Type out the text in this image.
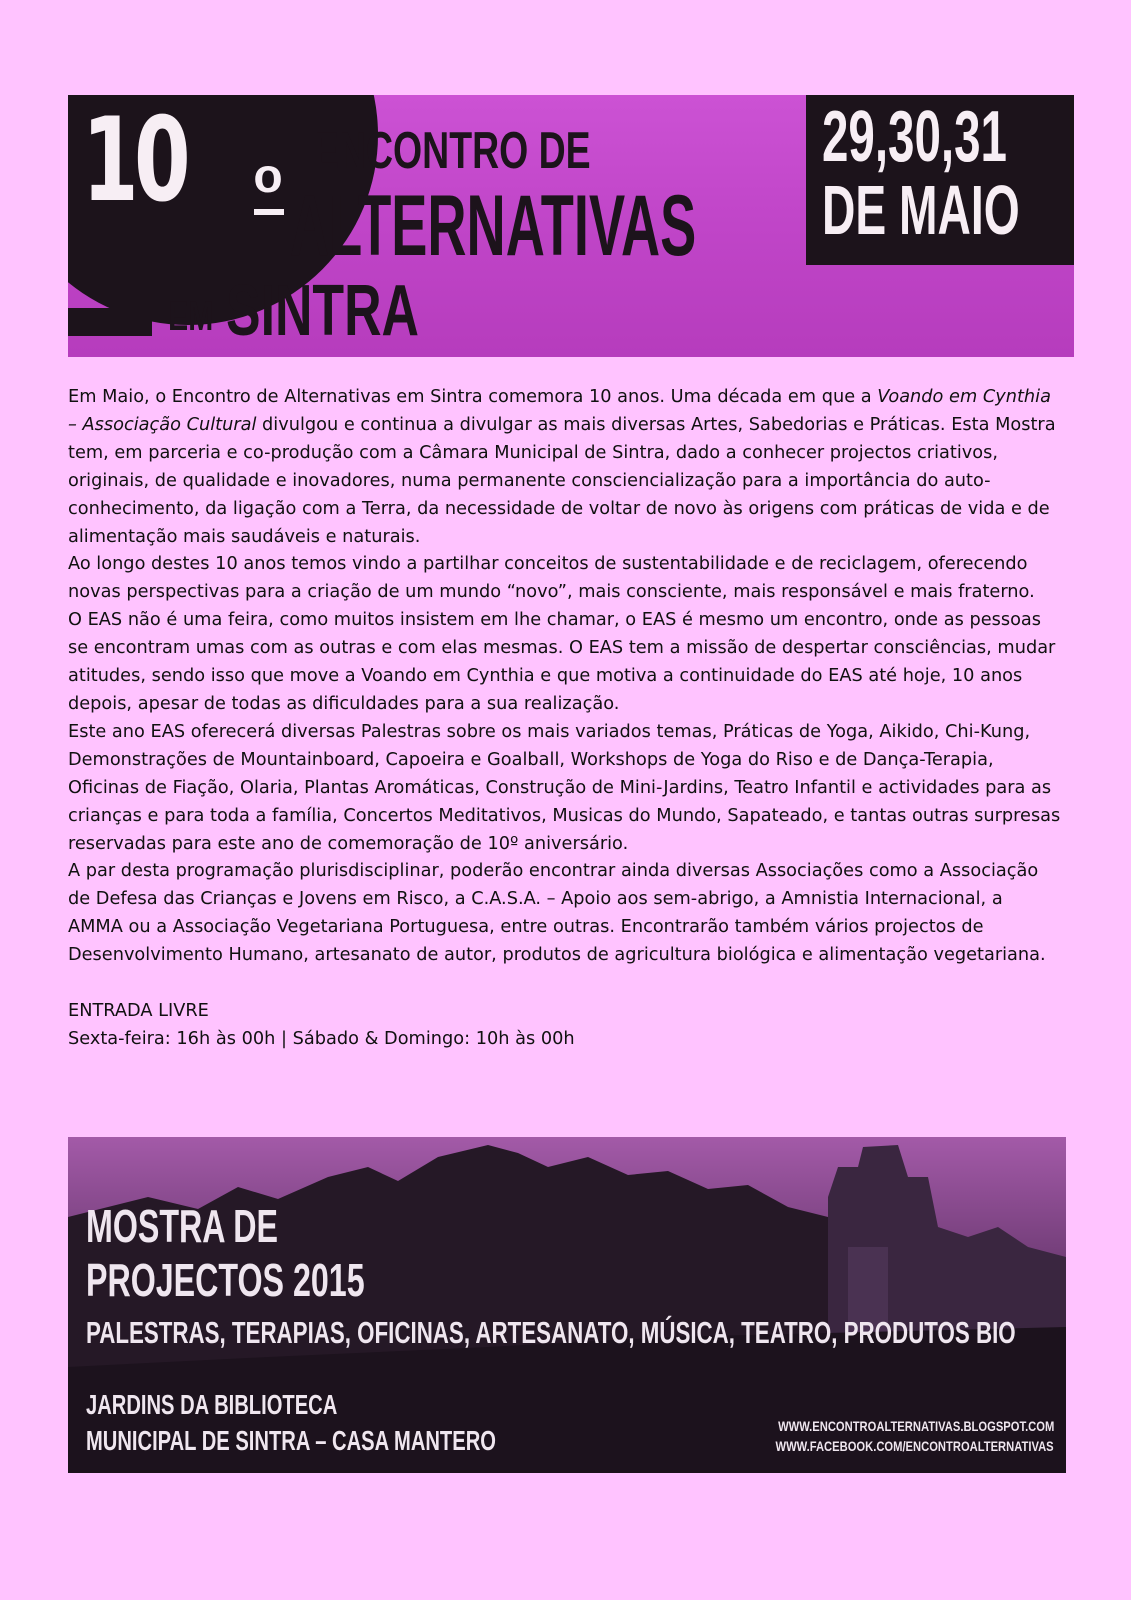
10 o ENCONTRO DE
ALTERNATIVAS
EM SINTRA
29,30,31
DE MAIO

Em Maio, o Encontro de Alternativas em Sintra comemora 10 anos. Uma década em que a Voando em Cynthia – Associação Cultural divulgou e continua a divulgar as mais diversas Artes, Sabedorias e Práticas. Esta Mostra tem, em parceria e co-produção com a Câmara Municipal de Sintra, dado a conhecer projectos criativos, originais, de qualidade e inovadores, numa permanente consciencialização para a importância do auto-conhecimento, da ligação com a Terra, da necessidade de voltar de novo às origens com práticas de vida e de alimentação mais saudáveis e naturais.

Ao longo destes 10 anos temos vindo a partilhar conceitos de sustentabilidade e de reciclagem, oferecendo novas perspectivas para a criação de um mundo “novo”, mais consciente, mais responsável e mais fraterno.

O EAS não é uma feira, como muitos insistem em lhe chamar, o EAS é mesmo um encontro, onde as pessoas se encontram umas com as outras e com elas mesmas. O EAS tem a missão de despertar consciências, mudar atitudes, sendo isso que move a Voando em Cynthia e que motiva a continuidade do EAS até hoje, 10 anos depois, apesar de todas as dificuldades para a sua realização.

Este ano EAS oferecerá diversas Palestras sobre os mais variados temas, Práticas de Yoga, Aikido, Chi-Kung, Demonstrações de Mountainboard, Capoeira e Goalball, Workshops de Yoga do Riso e de Dança-Terapia, Oficinas de Fiação, Olaria, Plantas Aromáticas, Construção de Mini-Jardins, Teatro Infantil e actividades para as crianças e para toda a família, Concertos Meditativos, Musicas do Mundo, Sapateado, e tantas outras surpresas reservadas para este ano de comemoração de 10º aniversário.

A par desta programação plurisdisciplinar, poderão encontrar ainda diversas Associações como a Associação de Defesa das Crianças e Jovens em Risco, a C.A.S.A. – Apoio aos sem-abrigo, a Amnistia Internacional, a AMMA ou a Associação Vegetariana Portuguesa, entre outras. Encontrarão também vários projectos de Desenvolvimento Humano, artesanato de autor, produtos de agricultura biológica e alimentação vegetariana.

ENTRADA LIVRE

Sexta-feira: 16h às 00h | Sábado & Domingo: 10h às 00h

MOSTRA DE
PROJECTOS 2015
PALESTRAS, TERAPIAS, OFICINAS, ARTESANATO, MÚSICA, TEATRO, PRODUTOS BIO
JARDINS DA BIBLIOTECA
MUNICIPAL DE SINTRA – CASA MANTERO	WWW.ENCONTROALTERNATIVAS.BLOGSPOT.COM
WWW.FACEBOOK.COM/ENCONTROALTERNATIVAS
